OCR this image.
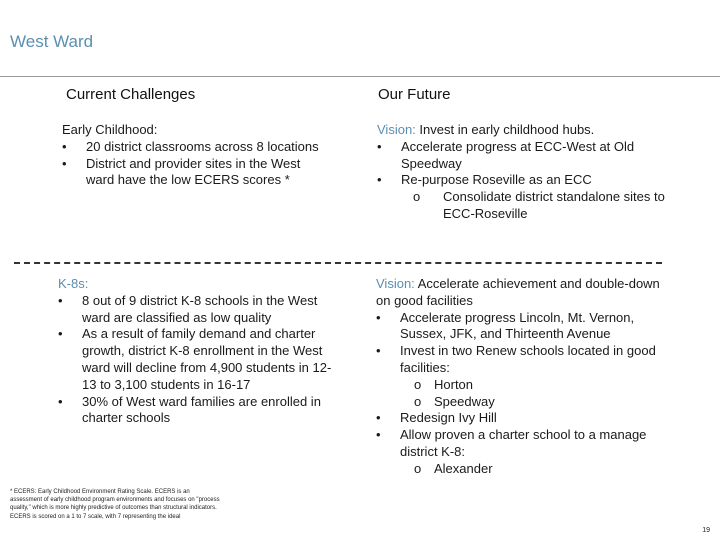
West Ward
Current Challenges	Our Future
Early Childhood:
• 20 district classrooms across 8 locations
• District and provider sites in the West ward have the low ECERS scores *
Vision: Invest in early childhood hubs.
• Accelerate progress at ECC-West at Old Speedway
• Re-purpose Roseville as an ECC
o Consolidate district standalone sites to ECC-Roseville
K-8s:
• 8 out of 9 district K-8 schools in the West ward are classified as low quality
• As a result of family demand and charter growth, district K-8 enrollment in the West ward will decline from 4,900 students in 12-13 to 3,100 students in 16-17
• 30% of West ward families are enrolled in charter schools
Vision: Accelerate achievement and double-down on good facilities
• Accelerate progress Lincoln, Mt. Vernon, Sussex, JFK, and Thirteenth Avenue
• Invest in two Renew schools located in good facilities:
o Horton
o Speedway
• Redesign Ivy Hill
• Allow proven a charter school to a manage district K-8:
o Alexander
* ECERS: Early Childhood Environment Rating Scale. ECERS is an assessment of early childhood program environments and focuses on "process quality," which is more highly predictive of outcomes than structural indicators. ECERS is scored on a 1 to 7 scale, with 7 representing the ideal
19
